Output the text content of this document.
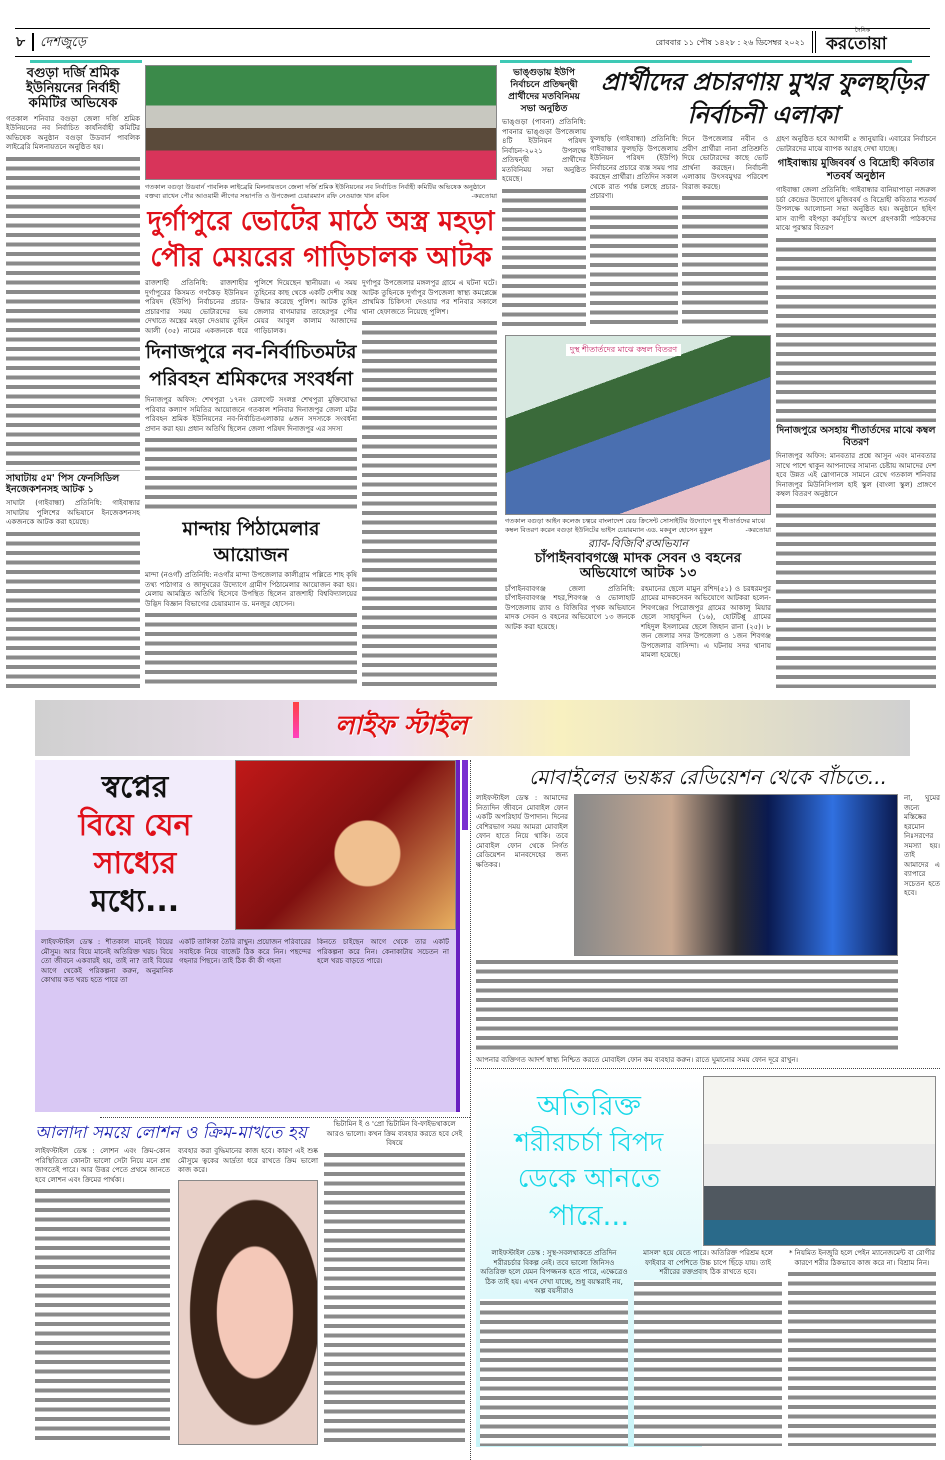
৮ দেশজুড়ে	রোববার ১১ পৌষ ১৪২৮ : ২৬ ডিসেম্বর ২০২১
দৈনিক
করতোয়া
বগুড়া দর্জি শ্রমিক ইউনিয়নের নির্বাহী কমিটির অভিষেক
গতকাল শনিবার বগুড়া জেলা দর্জি শ্রমিক ইউনিয়নের নব নির্বাচিত কার্যনির্বাহী কমিটির অভিষেক অনুষ্ঠান বগুড়া উডবার্ন পাবলিক লাইব্রেরি মিলনায়তনে অনুষ্ঠিত হয়।
সাঘাটায় ৫ম' পিস ফেনসিডিল ইনজেকশনসহ আটক ১
সাঘাটা (গাইবান্ধা) প্রতিনিধি: গাইবান্ধার সাঘাটায় পুলিশের অভিযানে ইনজেকশনসহ একজনকে আটক করা হয়েছে।
গতকাল বগুড়া উডবার্ন পাবলিক লাইব্রেরি মিলনায়তনে জেলা দর্জি শ্রমিক ইউনিয়নের নব নির্বাচিত নির্বাহী কমিটির অভিষেক অনুষ্ঠানে বক্তব্য রাখেন পৌর আওয়ামী লীগের সভাপতি ও উপজেলা চেয়ারম্যান রফি নেওয়াজ খান রবিন	-করতোয়া
দুর্গাপুরে ভোটের মাঠে অস্ত্র মহড়া পৌর মেয়রের গাড়িচালক আটক
রাজশাহী প্রতিনিধি: রাজশাহীর দুর্গাপুরের কিসমত গণকৈড় ইউনিয়ন পরিষদ (ইউপি) নির্বাচনের প্রচার-প্রচারণার সময় ভোটারদের ভয় দেখাতে অস্ত্রের মহড়া দেওয়ায় তুহিন আলী (৩৫) নামের একজনকে ধরে পুলিশে দিয়েছেন স্থানীয়রা। এ সময় তুহিনের কাছ থেকে একটি দেশীয় অস্ত্র উদ্ধার করেছে পুলিশ। আটক তুহিন জেলার বাগমারার তাহেরপুর পৌর মেয়র আবুল কালাম আজাদের গাড়িচালক।
দিনাজপুরে নব-নির্বাচিতমটর পরিবহন শ্রমিকদের সংবর্ধনা
দিনাজপুর অফিস: শেখপুরা ১৭নং রেলগেট সংলগ্ন শেখপুরা মুক্তিযোদ্ধা পরিবার কল্যাণ সমিতির আয়োজনে গতকাল শনিবার দিনাজপুর জেলা মটর পরিবহন শ্রমিক ইউনিয়নের নব-নির্বাচিতএলাকার ৬জন সদস্যকে সংবর্ধনা প্রদান করা হয়। প্রধান অতিথি ছিলেন জেলা পরিষদ দিনাজপুর এর সদস্য
মান্দায় পিঠামেলার আয়োজন
মান্দা (নওগাঁ) প্রতিনিধি: নওগাঁর মান্দা উপজেলার কালীগ্রাম পল্লিতে শাহ কৃষি তথ্য পাঠাগার ও জাদুঘরের উদ্যোগে গ্রামীণ পিঠামেলার আয়োজন করা হয়। মেলায় আমন্ত্রিত অতিথি হিসেবে উপস্থিত ছিলেন রাজশাহী বিশ্ববিদ্যালয়ের উদ্ভিদ বিজ্ঞান বিভাগের চেয়ারম্যান ড. মনজুর হোসেন।
দুর্গাপুর উপজেলার মঙ্গলপুর গ্রামে এ ঘটনা ঘটে। আটক তুহিনকে দুর্গাপুর উপজেলা স্বাস্থ্য কমপ্লেক্সে প্রাথমিক চিকিৎসা দেওয়ার পর শনিবার সকালে থানা হেফাজতে নিয়েছে পুলিশ।
ভাঙ্গুড়ায় ইউপি নির্বাচনে প্রতিদ্বন্দ্বী প্রার্থীদের মতবিনিময় সভা অনুষ্ঠিত
ভাঙ্গুড়া (পাবনা) প্রতিনিধি: পাবনার ভাঙ্গুড়া উপজেলায় ৪টি ইউনিয়ন পরিষদ নির্বাচন-২০২১ উপলক্ষে প্রতিদ্বন্দ্বী প্রার্থীদের মতবিনিময় সভা অনুষ্ঠিত হয়েছে।
প্রার্থীদের প্রচারণায় মুখর ফুলছড়ির নির্বাচনী এলাকা
ফুলছড়ি (গাইবান্ধা) প্রতিনিধি: গাইবান্ধার ফুলছড়ি উপজেলায় ইউনিয়ন পরিষদ (ইউপি) নির্বাচনের প্রচারে ব্যস্ত সময় পার করছেন প্রার্থীরা। প্রতিদিন সকাল থেকে রাত পর্যন্ত চলছে প্রচার-প্রচারণা।
দিনে উপজেলার নবীন ও প্রবীণ প্রার্থীরা নানা প্রতিশ্রুতি দিয়ে ভোটারদের কাছে ভোট প্রার্থনা করছেন। নির্বাচনী এলাকায় উৎসবমুখর পরিবেশ বিরাজ করছে।
গ্রহণ অনুষ্ঠিত হবে আগামী ৫ জানুয়ারি। এবারের নির্বাচনে ভোটারদের মাঝে ব্যাপক আগ্রহ দেখা যাচ্ছে।
গাইবান্ধায় মুজিববর্ষ ও বিদ্রোহী কবিতার শতবর্ষ অনুষ্ঠান
গাইবান্ধা জেলা প্রতিনিধি: গাইবান্ধার বানিয়াপাড়া নজরুল চর্চা কেন্দ্রের উদ্যোগে মুজিববর্ষ ও বিদ্রোহী কবিতার শতবর্ষ উপলক্ষে আলোচনা সভা অনুষ্ঠিত হয়। অনুষ্ঠানে ছহিণ মাস ব্যাপী বইপড়া কর্মসূচি'র অংশে গ্রহণকারী পাঠকদের মাঝে পুরস্কার বিতরণ
দিনাজপুরে অসহায় শীতার্তদের মাঝে কম্বল বিতরণ
দিনাজপুর অফিস: মানবতার প্রশ্নে আসুন এবং মানবতার সাথে পাশে থাকুন আপনাদের সামান্য চেষ্টায় আমাদের দেশ হবে উন্নত এই স্লোগানকে সামনে রেখে গতকাল শনিবার দিনাজপুর মিউনিসিপাল হাই স্কুল (বাংলা স্কুল) প্রাঙ্গণে কম্বল বিতরণ অনুষ্ঠানে
দুস্থ শীতার্তদের মাঝে কম্বল বিতরণ
গতকাল বগুড়া আইন কলেজ চত্বরে বাংলাদেশ রেড ক্রিসেন্ট সোসাইটির উদ্যোগে দুস্থ শীতার্তদের মাঝে কম্বল বিতরণ করেন বগুড়া ইউনিটের ভাইস চেয়ারম্যান এড. মকবুল হোসেন মুকুল	-করতোয়া
র‌্যাব-বিজিবি'রঅভিযান
চাঁপাইনবাবগঞ্জে মাদক সেবন ও বহনের অভিযোগে আটক ১৩
চাঁপাইনবাবগঞ্জ জেলা প্রতিনিধি: চাঁপাইনবাবগঞ্জ শহর,শিবগঞ্জ ও ভোলাহাট উপজেলায় র‌্যাব ও বিজিবির পৃথক অভিযানে মাদক সেবন ও বহনের অভিযোগে ১৩ জনকে আটক করা হয়েছে।
রহমানের ছেলে মামুন রশিদ(৫১) ও চরধরমপুর গ্রামের মাদকসেবন অভিযোগে আটকরা হলেন-শিবগঞ্জের পিরোজপুর গ্রামের আকালু মিয়ার ছেলে সাহাবুদ্দিন (১৬), হোটটিপ্পু গ্রামের শহিদুল ইসলামের ছেলে জিহান রানা (২৫)। ৮ জন জেলার সদর উপজেলা ও ১জন শিবগঞ্জ উপজেলার বাসিন্দা। এ ঘটনায় সদর থানায় মামলা হয়েছে।
লাইফ স্টাইল
স্বপ্নের
বিয়ে যেন
সাধ্যের
মধ্যে...
লাইফস্টাইল ডেস্ক : শীতকাল মানেই বিয়ের মৌসুম। আর বিয়ে মানেই অতিরিক্ত খরচ। বিয়ে তো জীবনে একবারই হয়, তাই না? তাই বিয়ের আগে থেকেই পরিকল্পনা করুন, অনুমানিক কোথায় কত খরচ হতে পারে তা
একটি তালিকা তৈরি রাখুন। প্রয়োজন পরিবারের সবাইকে নিয়ে বাজেট ঠিক করে নিন। পছন্দের গহনার পিছনে। তাই ঠিক কী কী গহনা
কিনতে চাইছেন আগে থেকে তার একটি পরিকল্পনা করে নিন। কেনাকাটায় সচেতন না হলে খরচ বাড়তে পারে।
মোবাইলের ভয়ঙ্কর রেডিয়েশন থেকে বাঁচতে...
লাইফস্টাইল ডেস্ক : আমাদের নিত্যদিন জীবনে মোবাইল ফোন একটি অপরিহার্য উপাদান। দিনের বেশিরভাগ সময় আমরা মোবাইল ফোন হাতে নিয়ে থাকি। তবে মোবাইল ফোন থেকে নির্গত রেডিয়েশন মানবদেহের জন্য ক্ষতিকর।
আপনার ব্যক্তিগত আদর্শ স্বাস্থ্য নিশ্চিত করতে মোবাইল ফোন কম ব্যবহার করুন। রাতে ঘুমানোর সময় ফোন দূরে রাখুন।
না, ঘুমের জন্যে মস্তিষ্কের হরমোন নিঃসরণের সমস্যা হয়। তাই আমাদের এ ব্যাপারে সচেতন হতে হবে।
আলাদা সময়ে লোশন ও ক্রিম-মাখতে হয়
লাইফস্টাইল ডেস্ক : লোশন এবং ক্রিম-কোন পরিস্থিতিতে কোনটা ভালো সেটা নিয়ে মনে প্রশ্ন জাগতেই পারে। আর উত্তর পেতে প্রথমে জানতে হবে লোশন এবং ক্রিমের পার্থক্য।
ব্যবহার করা বুদ্ধিমানের কাজ হবে। কারণ এই শুষ্ক মৌসুমে ত্বকের আর্দ্রতা ধরে রাখতে ক্রিম ভালো কাজ করে।
ভিটামিন ই ও 'প্রো ভিটামিন বি-ফাইভথাকলে আরও ভালো। কখন ক্রিম ব্যবহার করতে হবে সেই বিষয়ে
অতিরিক্ত
শরীরচর্চা বিপদ
ডেকে আনতে
পারে...
লাইফস্টাইল ডেস্ক : সুস্থ-সবলথাকতে প্রতিদিন শরীরচর্চার বিকল্প নেই। তবে ভালো জিনিসও অতিরিক্ত হলে যেমন বিপজ্জনক হতে পারে, এক্ষেত্রেও ঠিক তাই হয়। এখন দেখা যাচ্ছে, শুধু বয়স্করাই নয়, অল্প বয়সীরাও
মাসল' হয়ে যেতে পারে। অতিরিক্ত পরিশ্রম হলে ফাইবার বা পেশিতে উচ্চ চাপে ছিঁড়ে যায়। তাই শরীরের রক্তপ্রবাহ ঠিক রাখতে হবে।
* নিয়মিত ইনজুরি হলে পেইন ম্যানেজমেন্ট বা রোগীর কারণে শরীর ঠিকভাবে কাজ করে না। বিশ্রাম নিন।
